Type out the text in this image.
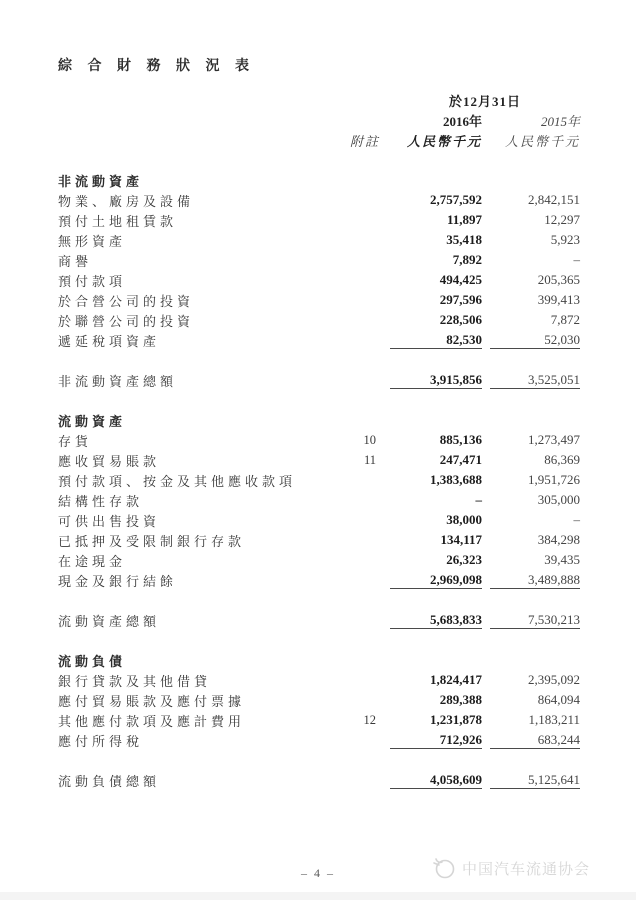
綜 合 財 務 狀 況 表
於12月31日
2016年	2015年
附註	人民幣千元	人民幣千元
非流動資產
物業、廠房及設備	2,757,592	2,842,151
預付土地租賃款	11,897	12,297
無形資產	35,418	5,923
商譽	7,892	–
預付款項	494,425	205,365
於合營公司的投資	297,596	399,413
於聯營公司的投資	228,506	7,872
遞延稅項資產	82,530	52,030
非流動資產總額	3,915,856	3,525,051
流動資產
存貨	10	885,136	1,273,497
應收貿易賬款	11	247,471	86,369
預付款項、按金及其他應收款項	1,383,688	1,951,726
結構性存款	–	305,000
可供出售投資	38,000	–
已抵押及受限制銀行存款	134,117	384,298
在途現金	26,323	39,435
現金及銀行結餘	2,969,098	3,489,888
流動資產總額	5,683,833	7,530,213
流動負債
銀行貸款及其他借貸	1,824,417	2,395,092
應付貿易賬款及應付票據	289,388	864,094
其他應付款項及應計費用	12	1,231,878	1,183,211
應付所得稅	712,926	683,244
流動負債總額	4,058,609	5,125,641
– 4 –	中国汽车流通协会
